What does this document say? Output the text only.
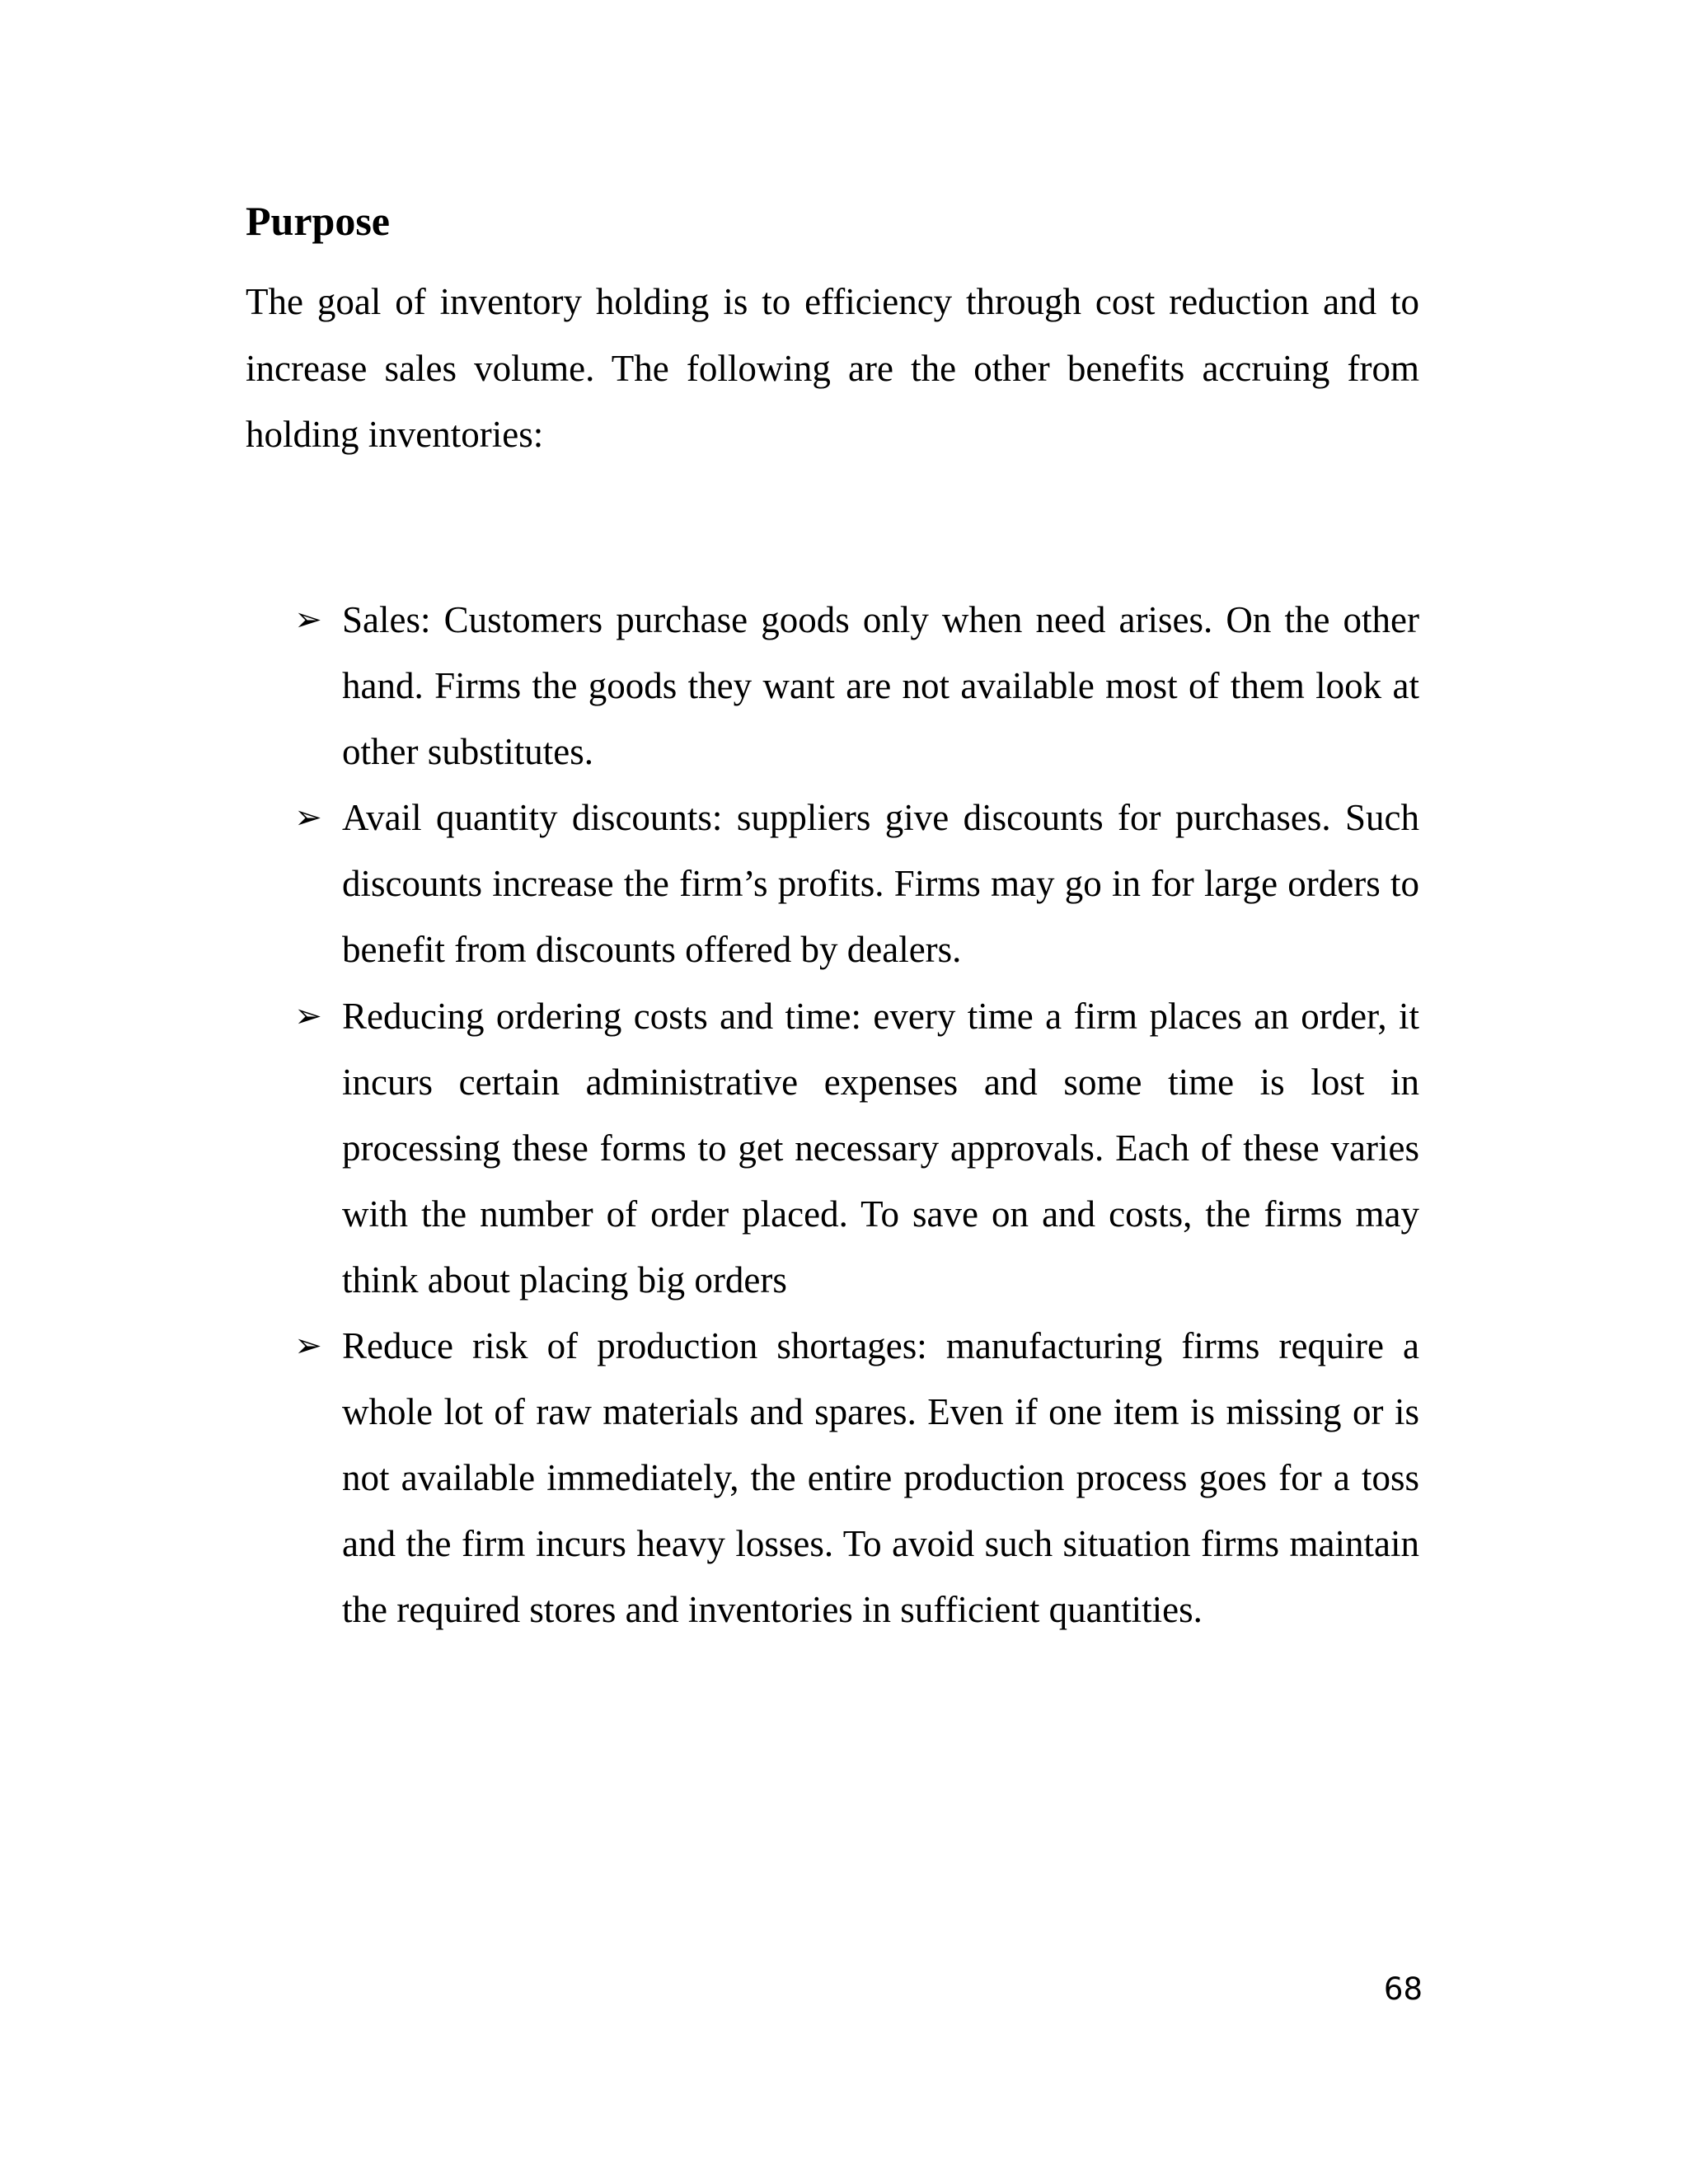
Purpose

The goal of inventory holding is to efficiency through cost reduction and to increase sales volume. The following are the other benefits accruing from holding inventories:

➢ Sales: Customers purchase goods only when need arises. On the other hand. Firms the goods they want are not available most of them look at other substitutes.
➢ Avail quantity discounts: suppliers give discounts for purchases. Such discounts increase the firm’s profits. Firms may go in for large orders to benefit from discounts offered by dealers.
➢ Reducing ordering costs and time: every time a firm places an order, it incurs certain administrative expenses and some time is lost in processing these forms to get necessary approvals. Each of these varies with the number of order placed. To save on and costs, the firms may think about placing big orders
➢ Reduce risk of production shortages: manufacturing firms require a whole lot of raw materials and spares. Even if one item is missing or is not available immediately, the entire production process goes for a toss and the firm incurs heavy losses. To avoid such situation firms maintain the required stores and inventories in sufficient quantities.

68
